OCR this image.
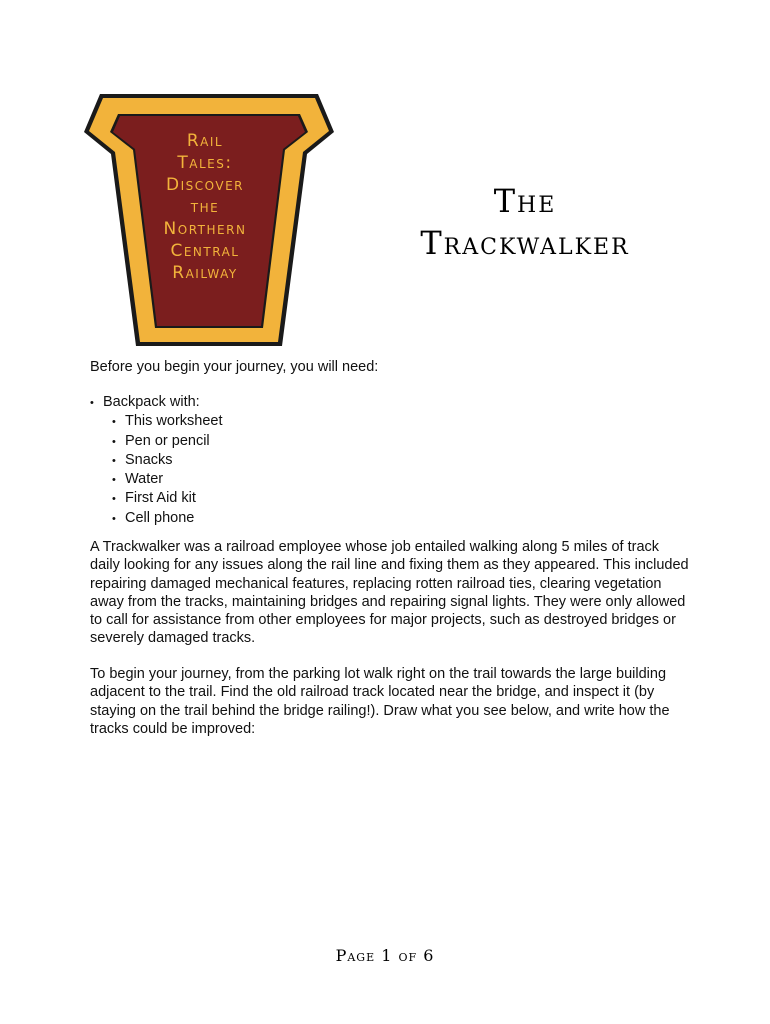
Rail
Tales:
Discover
the
Northern
Central
Railway
The
Trackwalker
Before you begin your journey, you will need:
• Backpack with:
• This worksheet
• Pen or pencil
• Snacks
• Water
• First Aid kit
• Cell phone
A Trackwalker was a railroad employee whose job entailed walking along 5 miles of track daily looking for any issues along the rail line and fixing them as they appeared. This included repairing damaged mechanical features, replacing rotten railroad ties, clearing vegetation away from the tracks, maintaining bridges and repairing signal lights. They were only allowed to call for assistance from other employees for major projects, such as destroyed bridges or severely damaged tracks.
To begin your journey, from the parking lot walk right on the trail towards the large building adjacent to the trail. Find the old railroad track located near the bridge, and inspect it (by staying on the trail behind the bridge railing!). Draw what you see below, and write how the tracks could be improved:
Page 1 of 6
